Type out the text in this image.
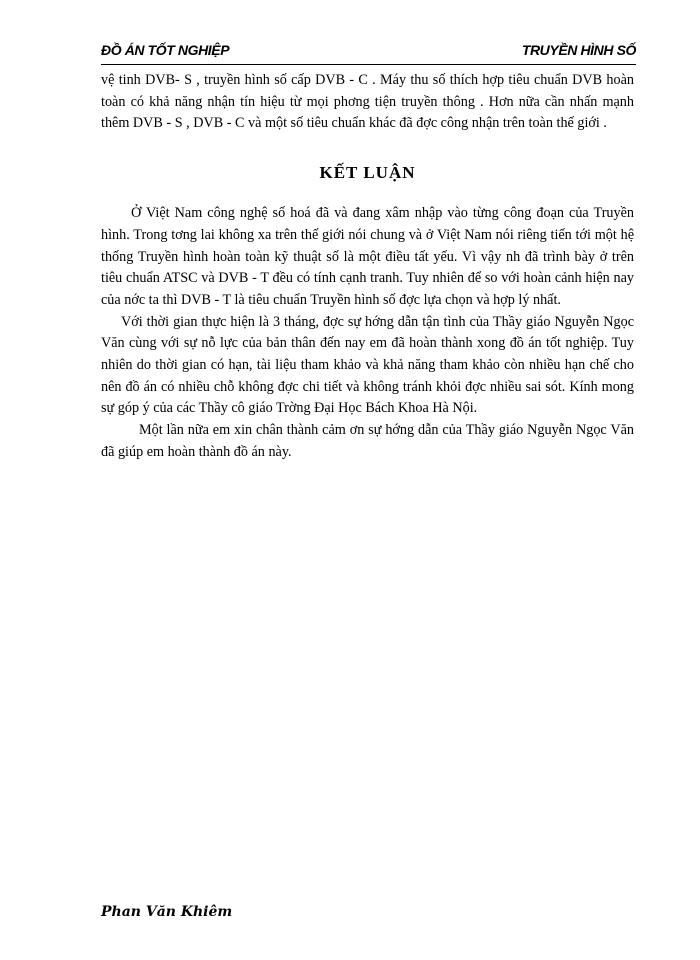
ĐỒ ÁN TỐT NGHIỆP	TRUYỀN HÌNH SỐ

vệ tinh DVB- S , truyền hình số cấp DVB - C . Máy thu số thích hợp tiêu chuẩn DVB hoàn toàn có khả năng nhận tín hiệu từ mọi phơng tiện truyền thông . Hơn nữa cần nhấn mạnh thêm DVB - S , DVB - C và một số tiêu chuẩn khác đã đợc công nhận trên toàn thế giới .

KẾT LUẬN

Ở Việt Nam công nghệ số hoá đã và đang xâm nhập vào từng công đoạn của Truyền hình. Trong tơng lai không xa trên thế giới nói chung và ở Việt Nam nói riêng tiến tới một hệ thống Truyền hình hoàn toàn kỹ thuật số là một điều tất yếu. Vì vậy nh đã trình bày ở trên tiêu chuẩn ATSC và DVB - T đều có tính cạnh tranh. Tuy nhiên để so với hoàn cảnh hiện nay của nớc ta thì DVB - T là tiêu chuẩn Truyền hình số đợc lựa chọn và hợp lý nhất.

Với thời gian thực hiện là 3 tháng, đợc sự hớng dẫn tận tình của Thầy giáo Nguyễn Ngọc Văn cùng với sự nỗ lực của bản thân đến nay em đã hoàn thành xong đồ án tốt nghiệp. Tuy nhiên do thời gian có hạn, tài liệu tham khảo và khả năng tham khảo còn nhiều hạn chế cho nên đồ án có nhiều chỗ không đợc chi tiết và không tránh khỏi đợc nhiều sai sót. Kính mong sự góp ý của các Thầy cô giáo Trờng Đại Học Bách Khoa Hà Nội.

Một lần nữa em xin chân thành cảm ơn sự hớng dẫn của Thầy giáo Nguyễn Ngọc Văn đã giúp em hoàn thành đồ án này.

Phan Văn Khiêm
